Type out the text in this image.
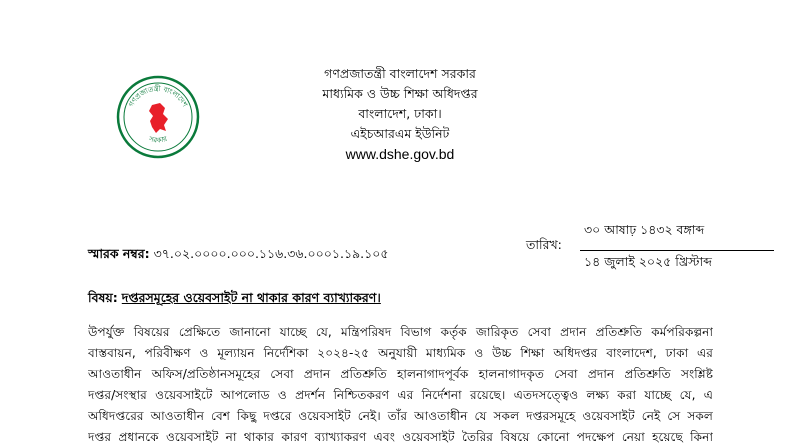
গণপ্রজাতন্ত্রী বাংলাদেশ
সরকার
গণপ্রজাতন্ত্রী বাংলাদেশ সরকার
মাধ্যমিক ও উচ্চ শিক্ষা অধিদপ্তর
বাংলাদেশ, ঢাকা।
এইচআরএম ইউনিট
www.dshe.gov.bd
৩০ আষাঢ় ১৪৩২ বঙ্গাব্দ
তারিখ:
১৪ জুলাই ২০২৫ খ্রিস্টাব্দ
স্মারক নম্বর: ৩৭.০২.০০০০.০০০.১১৬.৩৬.০০০১.১৯.১০৫
বিষয়: দপ্তরসমূহের ওয়েবসাইট না থাকার কারণ ব্যাখ্যাকরণ।
উপর্যুক্ত বিষয়ের প্রেক্ষিতে জানানো যাচ্ছে যে, মন্ত্রিপরিষদ বিভাগ কর্তৃক জারিকৃত সেবা প্রদান প্রতিশ্রুতি কর্মপরিকল্পনা
বাস্তবায়ন, পরিবীক্ষণ ও মূল্যায়ন নির্দেশিকা ২০২৪-২৫ অনুযায়ী মাধ্যমিক ও উচ্চ শিক্ষা অধিদপ্তর বাংলাদেশ, ঢাকা এর
আওতাধীন অফিস/প্রতিষ্ঠানসমূহের সেবা প্রদান প্রতিশ্রুতি হালনাগাদপূর্বক হালনাগাদকৃত সেবা প্রদান প্রতিশ্রুতি সংশ্লিষ্ট
দপ্তর/সংস্থার ওয়েবসাইটে আপলোড ও প্রদর্শন নিশ্চিতকরণ এর নির্দেশনা রয়েছে। এতদসত্ত্বেও লক্ষ্য করা যাচ্ছে যে, এ
অধিদপ্তরের আওতাধীন বেশ কিছু দপ্তরে ওয়েবসাইট নেই। তাঁর আওতাধীন যে সকল দপ্তরসমূহে ওয়েবসাইট নেই সে সকল
দপ্তর প্রধানকে ওয়েবসাইট না থাকার কারণ ব্যাখ্যাকরণ এবং ওয়েবসাইট তৈরির বিষয়ে কোনো পদক্ষেপ নেয়া হয়েছে কিনা
